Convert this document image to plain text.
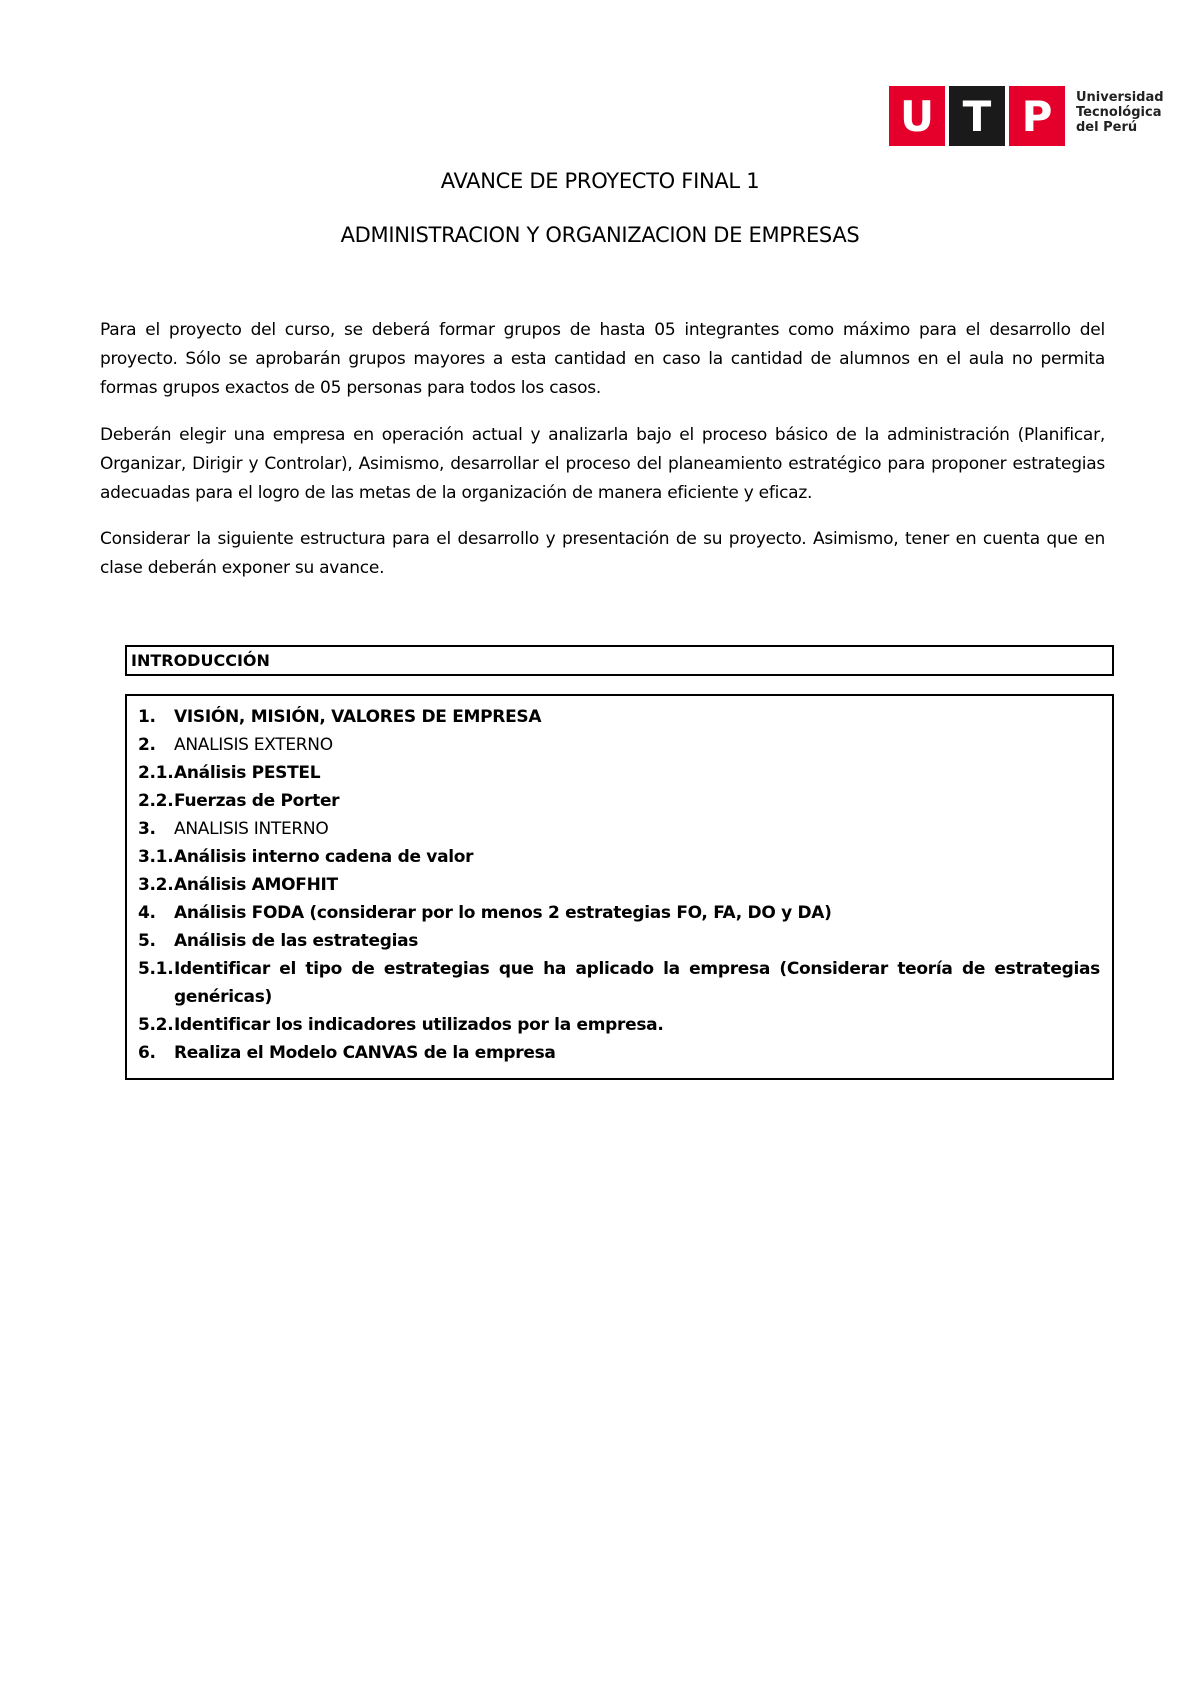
U T P	Universidad
Tecnológica
del Perú
AVANCE DE PROYECTO FINAL 1
ADMINISTRACION Y ORGANIZACION DE EMPRESAS
Para el proyecto del curso, se deberá formar grupos de hasta 05 integrantes como máximo para el desarrollo del proyecto. Sólo se aprobarán grupos mayores a esta cantidad en caso la cantidad de alumnos en el aula no permita formas grupos exactos de 05 personas para todos los casos.
Deberán elegir una empresa en operación actual y analizarla bajo el proceso básico de la administración (Planificar, Organizar, Dirigir y Controlar), Asimismo, desarrollar el proceso del planeamiento estratégico para proponer estrategias adecuadas para el logro de las metas de la organización de manera eficiente y eficaz.
Considerar la siguiente estructura para el desarrollo y presentación de su proyecto. Asimismo, tener en cuenta que en clase deberán exponer su avance.
INTRODUCCIÓN
1.	VISIÓN, MISIÓN, VALORES DE EMPRESA
2.	ANALISIS EXTERNO
2.1. Análisis PESTEL
2.2. Fuerzas de Porter
3.	ANALISIS INTERNO
3.1. Análisis interno cadena de valor
3.2. Análisis AMOFHIT
4.	Análisis FODA (considerar por lo menos 2 estrategias FO, FA, DO y DA)
5.	Análisis de las estrategias
5.1. Identificar el tipo de estrategias que ha aplicado la empresa (Considerar teoría de estrategias genéricas)
5.2. Identificar los indicadores utilizados por la empresa.
6.	Realiza el Modelo CANVAS de la empresa
